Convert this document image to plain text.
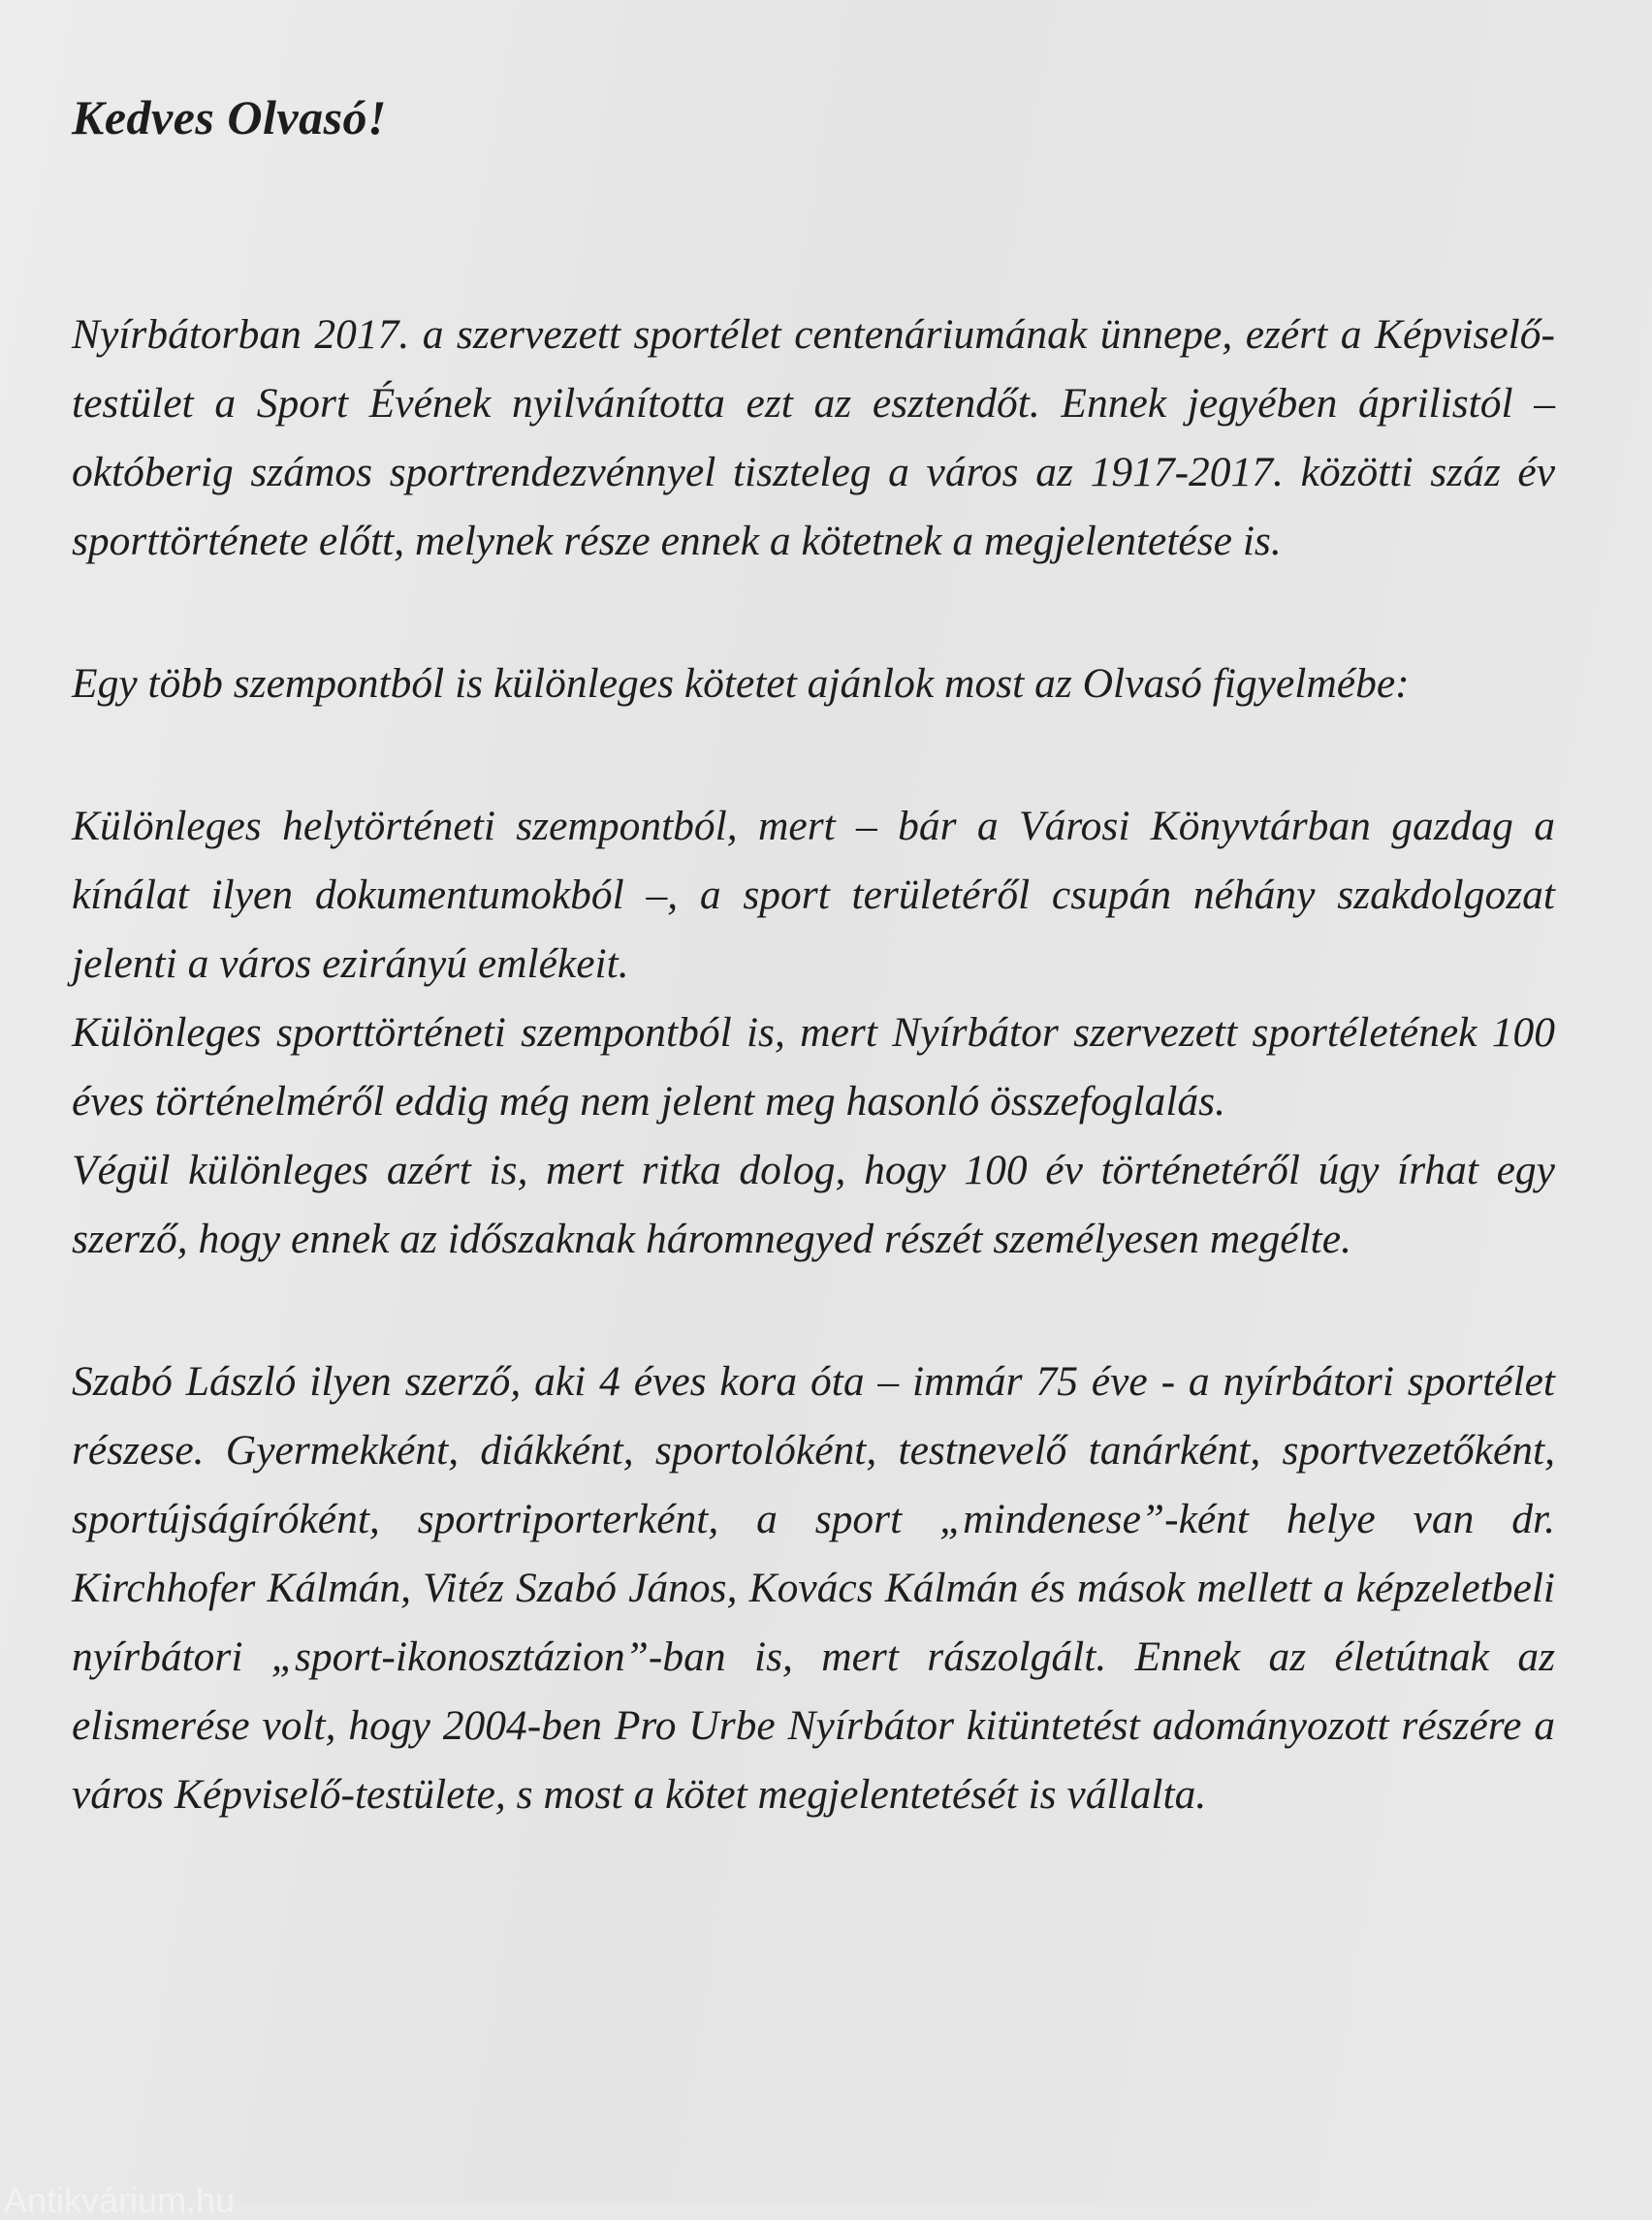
Kedves Olvasó!

Nyírbátorban 2017. a szervezett sportélet centenáriumának ünnepe, ezért a Képviselő-testület a Sport Évének nyilvánította ezt az esztendőt. Ennek jegyében áprilistól – októberig számos sportrendezvénnyel tiszteleg a város az 1917-2017. közötti száz év sporttörténete előtt, melynek része ennek a kötetnek a megjelentetése is.

Egy több szempontból is különleges kötetet ajánlok most az Olvasó figyelmébe:

Különleges helytörténeti szempontból, mert – bár a Városi Könyvtárban gazdag a kínálat ilyen dokumentumokból –, a sport területéről csupán néhány szakdolgozat jelenti a város ezirányú emlékeit.

Különleges sporttörténeti szempontból is, mert Nyírbátor szervezett sportéletének 100 éves történelméről eddig még nem jelent meg hasonló összefoglalás.

Végül különleges azért is, mert ritka dolog, hogy 100 év történetéről úgy írhat egy szerző, hogy ennek az időszaknak háromnegyed részét személyesen megélte.

Szabó László ilyen szerző, aki 4 éves kora óta – immár 75 éve - a nyírbátori sportélet részese. Gyermekként, diákként, sportolóként, testnevelő tanárként, sportvezetőként, sportújságíróként, sportriporterként, a sport „mindenese”-ként helye van dr. Kirchhofer Kálmán, Vitéz Szabó János, Kovács Kálmán és mások mellett a képzeletbeli nyírbátori „sport-ikonosztázion”-ban is, mert rászolgált. Ennek az életútnak az elismerése volt, hogy 2004-ben Pro Urbe Nyírbátor kitüntetést adományozott részére a város Képviselő-testülete, s most a kötet megjelentetését is vállalta.

Antikvárium.hu
